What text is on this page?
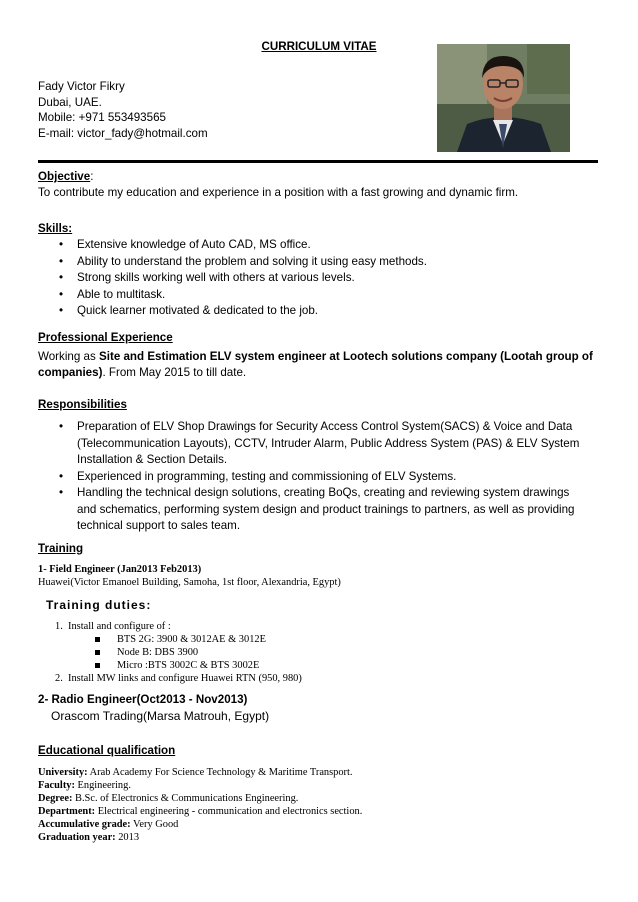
CURRICULUM VITAE
Fady Victor Fikry
Dubai, UAE.
Mobile: +971 553493565
E-mail: victor_fady@hotmail.com
Objective:
To contribute my education and experience in a position with a fast growing and dynamic firm.
Skills:
• Extensive knowledge of Auto CAD, MS office.
• Ability to understand the problem and solving it using easy methods.
• Strong skills working well with others at various levels.
• Able to multitask.
• Quick learner motivated & dedicated to the job.
Professional Experience
Working as Site and Estimation ELV system engineer at Lootech solutions company (Lootah group of companies). From May 2015 to till date.
Responsibilities
• Preparation of ELV Shop Drawings for Security Access Control System(SACS) & Voice and Data (Telecommunication Layouts), CCTV, Intruder Alarm, Public Address System (PAS) & ELV System Installation & Section Details.
• Experienced in programming, testing and commissioning of ELV Systems.
• Handling the technical design solutions, creating BoQs, creating and reviewing system drawings and schematics, performing system design and product trainings to partners, as well as providing technical support to sales team.
Training
1- Field Engineer (Jan2013 Feb2013)
Huawei(Victor Emanoel Building, Samoha, 1st floor, Alexandria, Egypt)
Training duties:
1. Install and configure of :
BTS 2G: 3900 & 3012AE & 3012E
Node B: DBS 3900
Micro :BTS 3002C & BTS 3002E
2. Install MW links and configure Huawei RTN (950, 980)
2- Radio Engineer(Oct2013 - Nov2013)
Orascom Trading(Marsa Matrouh, Egypt)
Educational qualification
University: Arab Academy For Science Technology & Maritime Transport.
Faculty: Engineering.
Degree: B.Sc. of Electronics & Communications Engineering.
Department: Electrical engineering - communication and electronics section.
Accumulative grade: Very Good
Graduation year: 2013
